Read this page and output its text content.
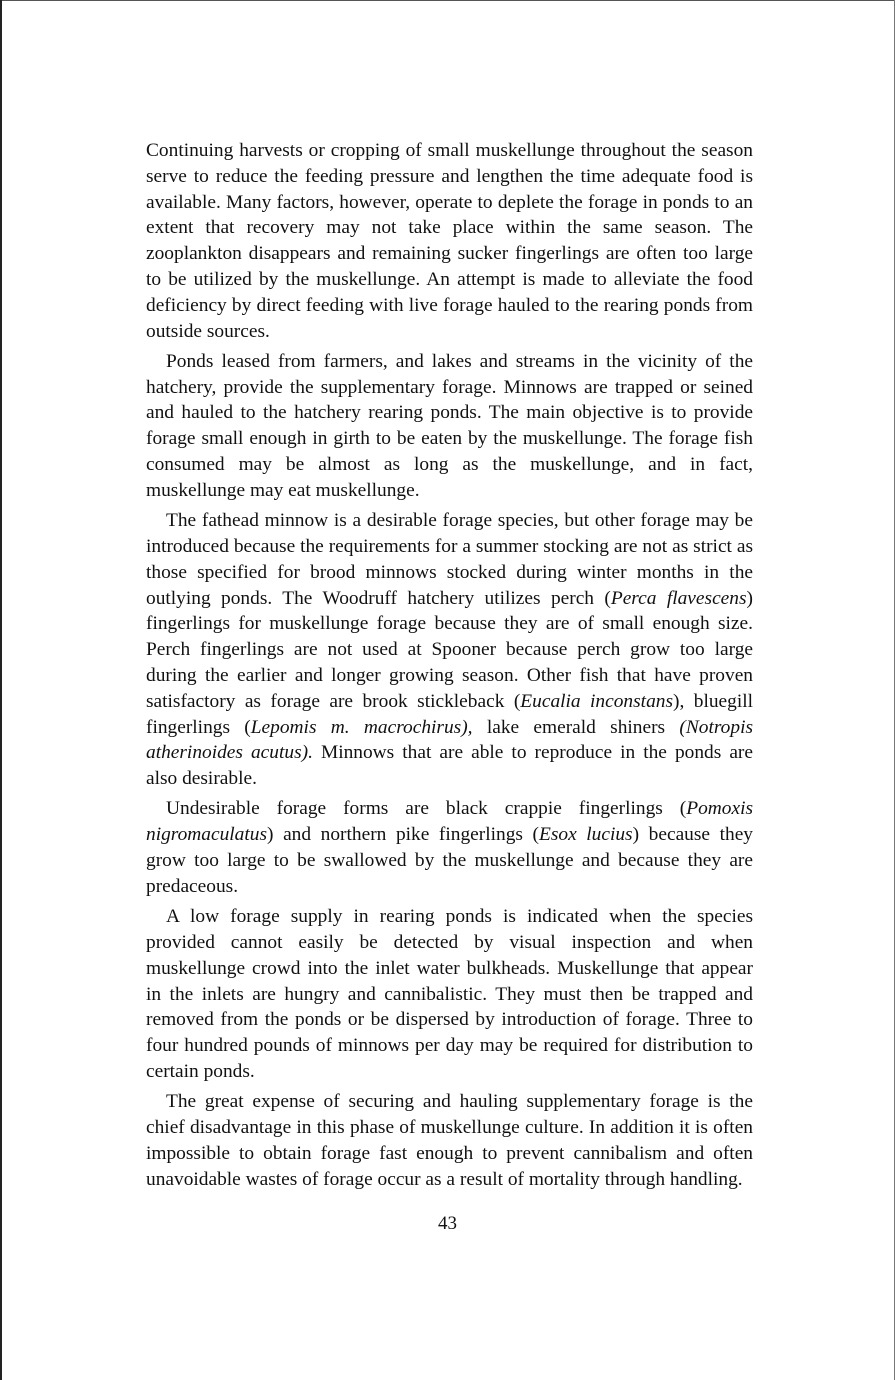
Continuing harvests or cropping of small muskellunge throughout the season serve to reduce the feeding pressure and lengthen the time adequate food is available. Many factors, however, operate to deplete the forage in ponds to an extent that recovery may not take place within the same season. The zooplankton disappears and remaining sucker fingerlings are often too large to be utilized by the muskellunge. An attempt is made to alleviate the food deficiency by direct feeding with live forage hauled to the rearing ponds from outside sources.

Ponds leased from farmers, and lakes and streams in the vicinity of the hatchery, provide the supplementary forage. Minnows are trapped or seined and hauled to the hatchery rearing ponds. The main objective is to provide forage small enough in girth to be eaten by the muskellunge. The forage fish consumed may be almost as long as the muskellunge, and in fact, muskellunge may eat muskellunge.

The fathead minnow is a desirable forage species, but other forage may be introduced because the requirements for a summer stocking are not as strict as those specified for brood minnows stocked during winter months in the outlying ponds. The Woodruff hatchery utilizes perch (Perca flavescens) fingerlings for muskellunge forage because they are of small enough size. Perch fingerlings are not used at Spooner because perch grow too large during the earlier and longer growing season. Other fish that have proven satisfactory as forage are brook stickleback (Eucalia inconstans), bluegill fingerlings (Lepomis m. macrochirus), lake emerald shiners (Notropis atherinoides acutus). Minnows that are able to reproduce in the ponds are also desirable.

Undesirable forage forms are black crappie fingerlings (Pomoxis nigromaculatus) and northern pike fingerlings (Esox lucius) because they grow too large to be swallowed by the muskellunge and because they are predaceous.

A low forage supply in rearing ponds is indicated when the species provided cannot easily be detected by visual inspection and when muskellunge crowd into the inlet water bulkheads. Muskellunge that appear in the inlets are hungry and cannibalistic. They must then be trapped and removed from the ponds or be dispersed by introduction of forage. Three to four hundred pounds of minnows per day may be required for distribution to certain ponds.

The great expense of securing and hauling supplementary forage is the chief disadvantage in this phase of muskellunge culture. In addition it is often impossible to obtain forage fast enough to prevent cannibalism and often unavoidable wastes of forage occur as a result of mortality through handling.

43
